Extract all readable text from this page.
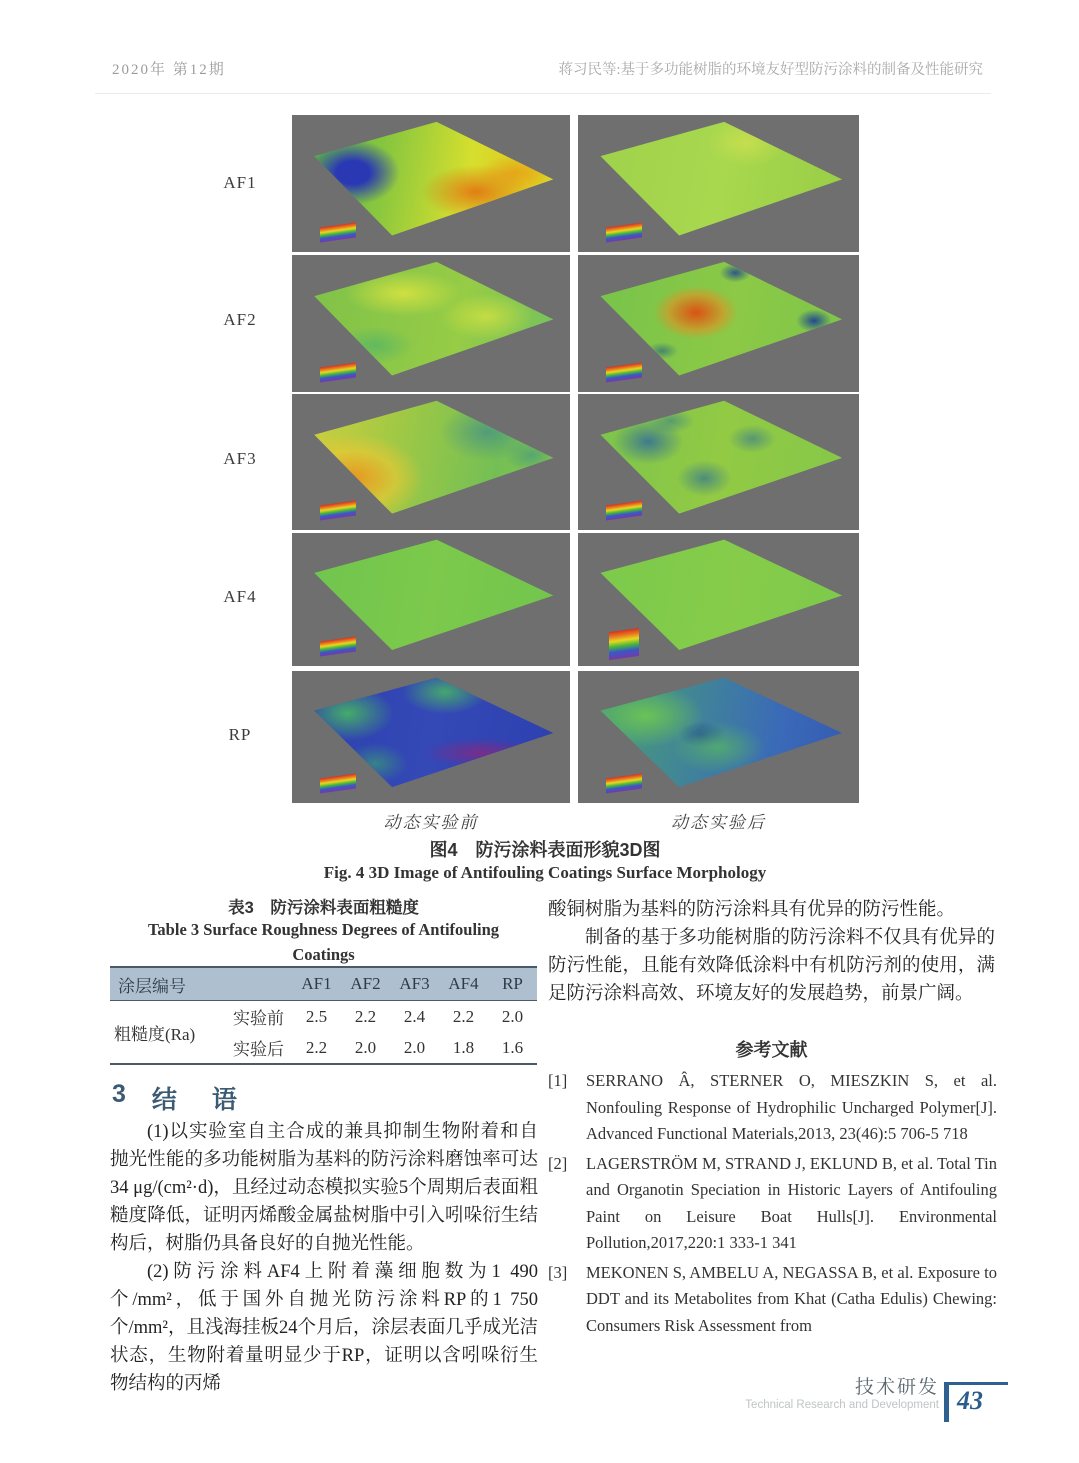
2020年 第12期	蒋习民等:基于多功能树脂的环境友好型防污涂料的制备及性能研究
AF1
AF2
AF3
AF4
RP
动态实验前	动态实验后
图4　防污涂料表面形貌3D图
Fig. 4 3D Image of Antifouling Coatings Surface Morphology
表3　防污涂料表面粗糙度
Table 3 Surface Roughness Degrees of Antifouling
Coatings
涂层编号		AF1	AF2	AF3	AF4	RP
粗糙度(Ra)	实验前	2.5	2.2	2.4	2.2	2.0
	实验后	2.2	2.0	2.0	1.8	1.6
3 结 语

(1)以实验室自主合成的兼具抑制生物附着和自抛光性能的多功能树脂为基料的防污涂料磨蚀率可达34 μg/(cm²·d)，且经过动态模拟实验5个周期后表面粗糙度降低，证明丙烯酸金属盐树脂中引入吲哚衍生结构后，树脂仍具备良好的自抛光性能。

(2)防污涂料AF4上附着藻细胞数为1 490个/mm²，低于国外自抛光防污涂料RP的1 750 个/mm²，且浅海挂板24个月后，涂层表面几乎成光洁状态，生物附着量明显少于RP，证明以含吲哚衍生物结构的丙烯

酸铜树脂为基料的防污涂料具有优异的防污性能。

制备的基于多功能树脂的防污涂料不仅具有优异的防污性能，且能有效降低涂料中有机防污剂的使用，满足防污涂料高效、环境友好的发展趋势，前景广阔。

参考文献
[1]	SERRANO Â, STERNER O, MIESZKIN S, et al. Nonfouling Response of Hydrophilic Uncharged Polymer[J]. Advanced Functional Materials,2013, 23(46):5 706-5 718
[2]	LAGERSTRÖM M, STRAND J, EKLUND B, et al. Total Tin and Organotin Speciation in Historic Layers of Antifouling Paint on Leisure Boat Hulls[J]. Environmental Pollution,2017,220:1 333-1 341
[3]	MEKONEN S, AMBELU A, NEGASSA B, et al. Exposure to DDT and its Metabolites from Khat (Catha Edulis) Chewing: Consumers Risk Assessment from
技术研发
Technical Research and Development 43
